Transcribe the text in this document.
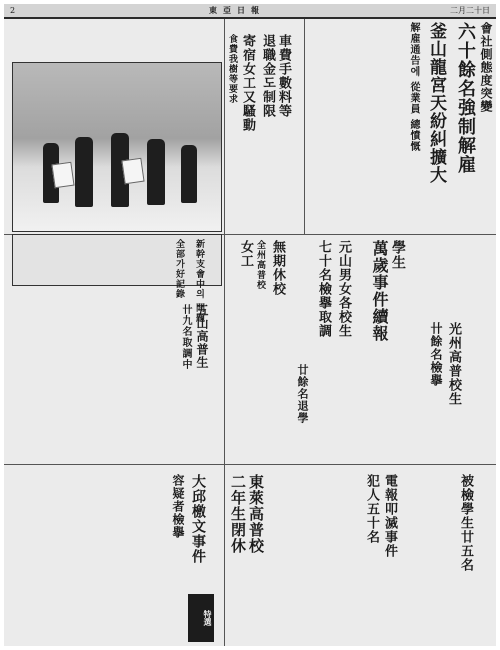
2	東亞日報	二月二十日
六十餘名強制解雇 會社側態度突變
釜山龍宮天紛糾擴大
解雇通告에 從業員 總憤慨
車費手數料等
退職金도制限
寄宿女工又騷動
食費我樹等要求
新幹支會中의 問題
全部가好記錄	萬歲事件續報 學生
元山男女各校生
七十名檢擧取調
無期休校
全州高普校
女工
五山高普生
卄九名取調中	光州高普校生
卄餘名檢擧
東萊高普校
二年生閉休
大邱檄文事件
容疑者檢擧	電報叩滅事件
犯人五十名	被檢學生廿五名
廿餘名退學
特選
